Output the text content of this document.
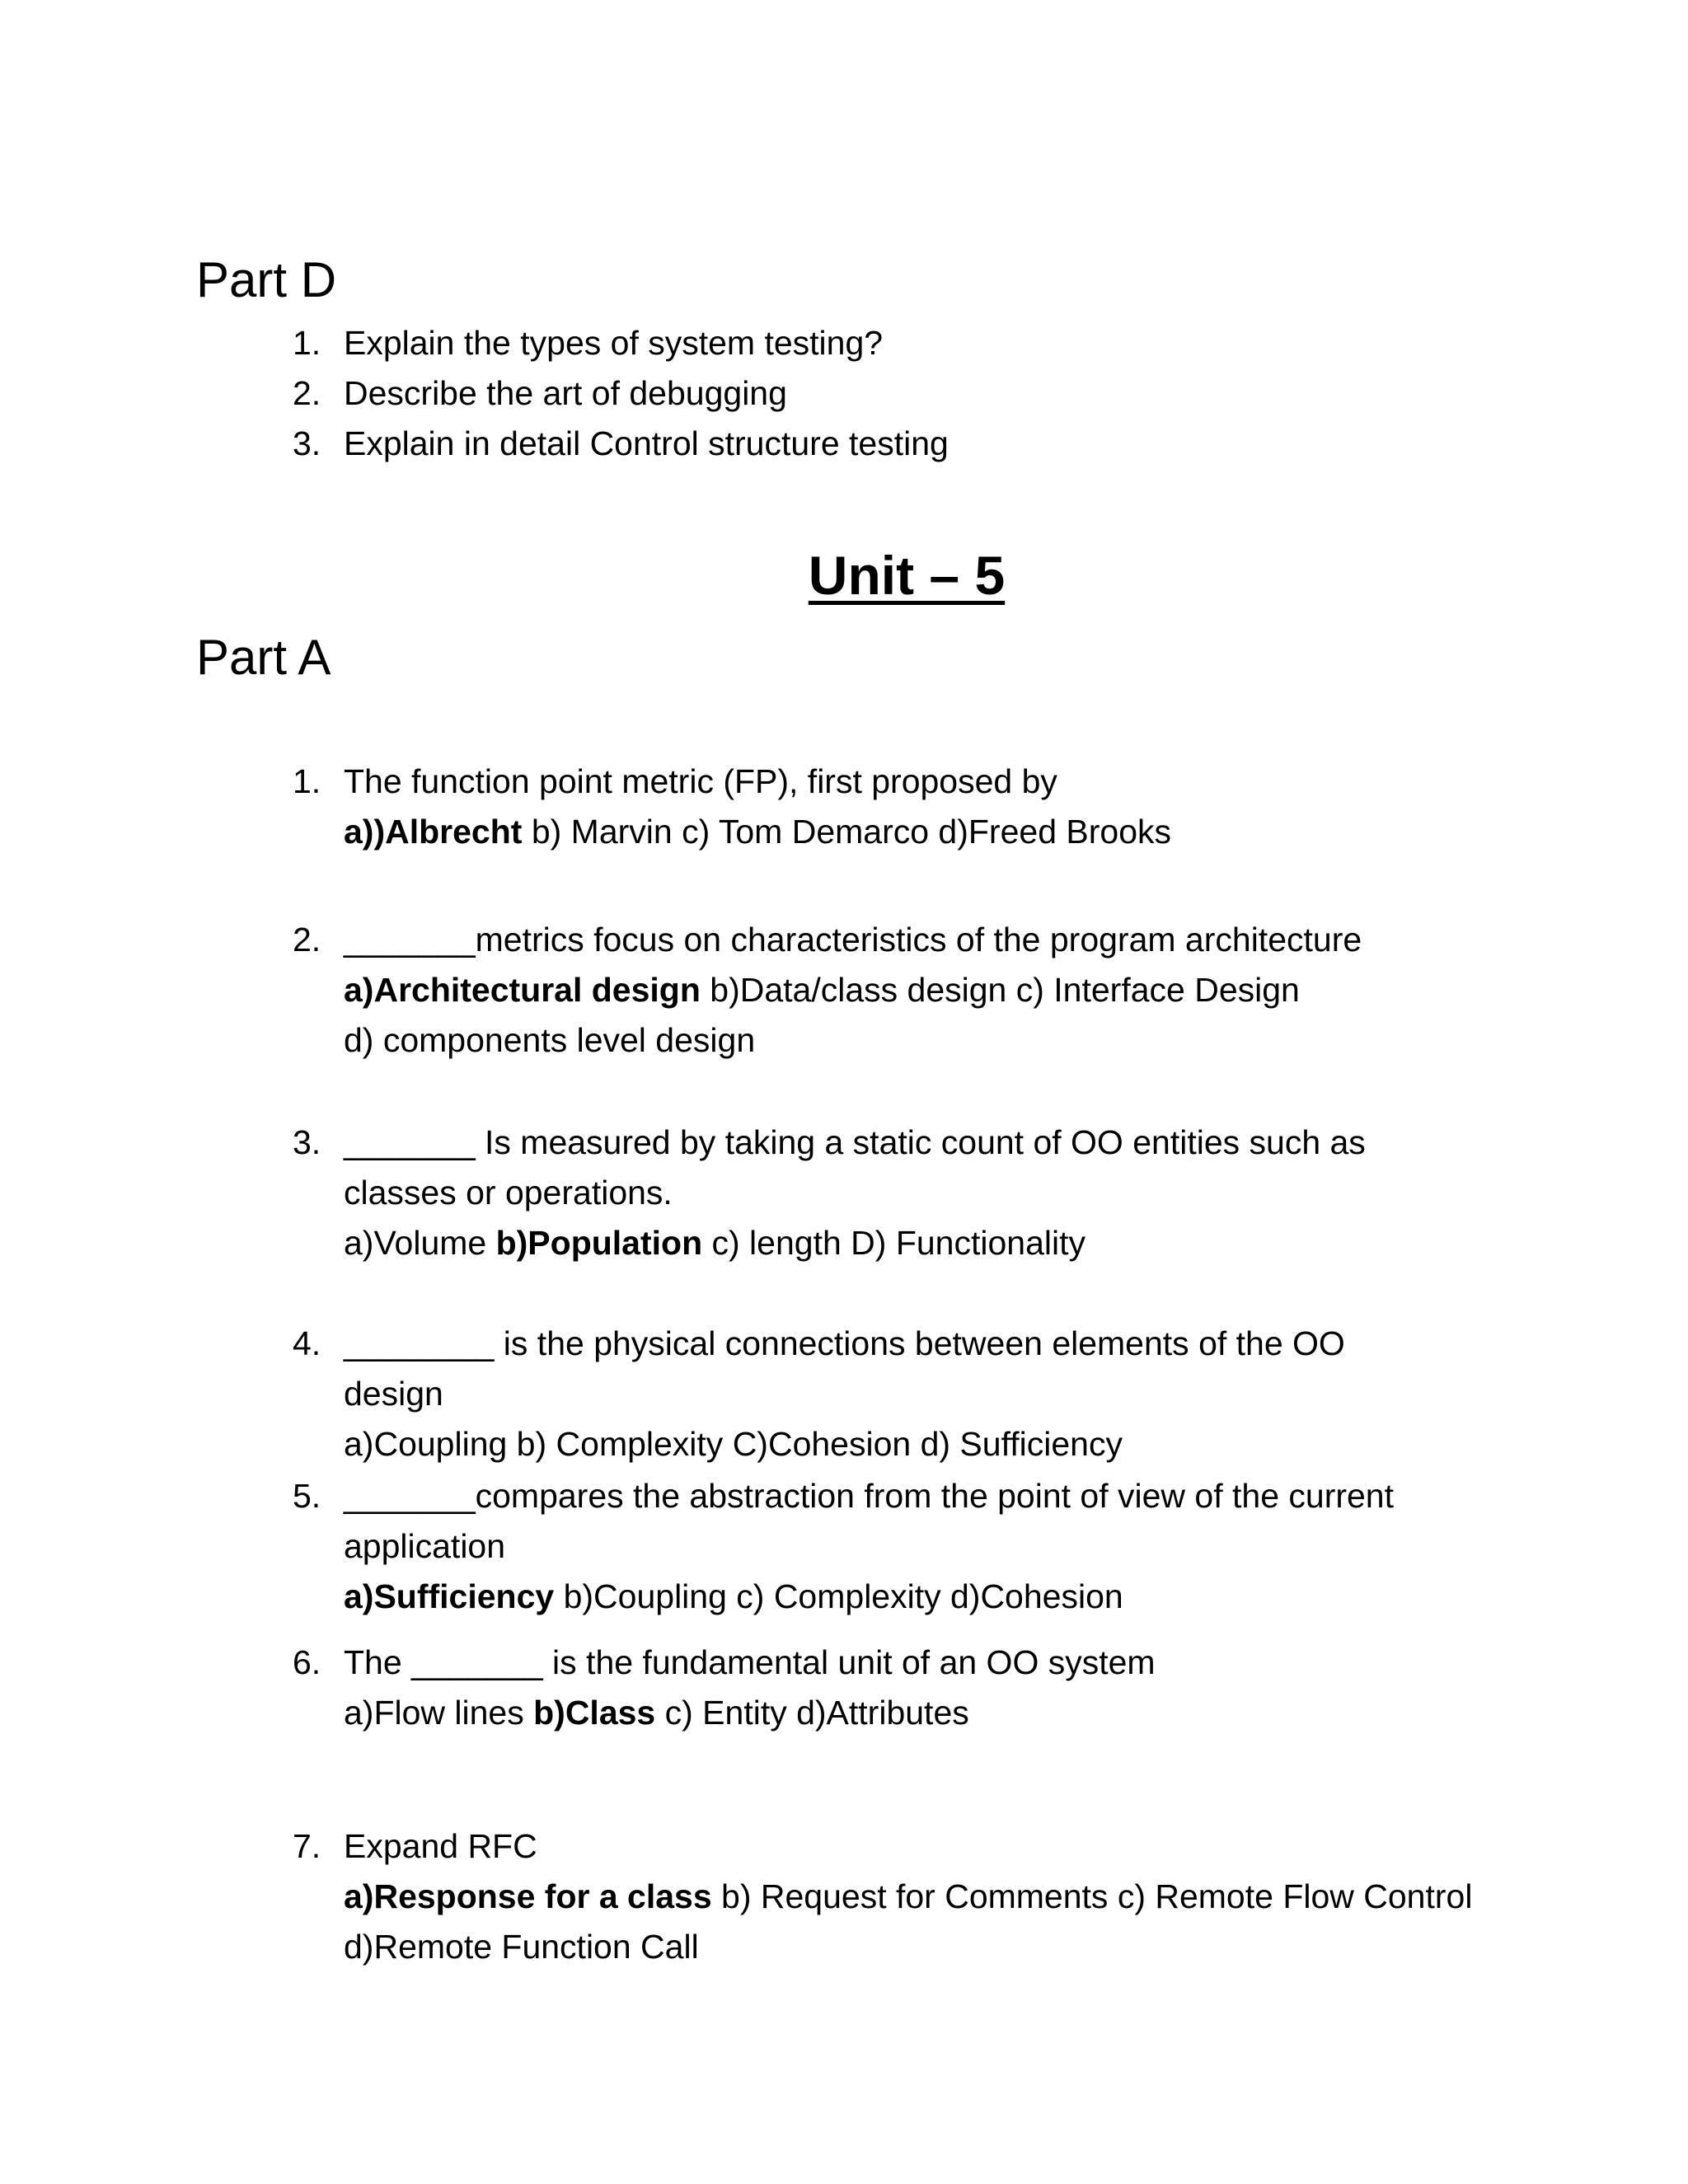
Part D
1. Explain the types of system testing?
2. Describe the art of debugging
3. Explain in detail Control structure testing
Unit – 5
Part A
1. The function point metric (FP), first proposed by
a))Albrecht b) Marvin c) Tom Demarco d)Freed Brooks
2. _______metrics focus on characteristics of the program architecture
a)Architectural design b)Data/class design c) Interface Design
d) components level design
3. _______ Is measured by taking a static count of OO entities such as
classes or operations.
a)Volume b)Population c) length D) Functionality
4. ________ is the physical connections between elements of the OO
design
a)Coupling b) Complexity C)Cohesion d) Sufficiency
5. _______compares the abstraction from the point of view of the current
application
a)Sufficiency b)Coupling c) Complexity d)Cohesion
6. The _______ is the fundamental unit of an OO system
a)Flow lines b)Class c) Entity d)Attributes
7. Expand RFC
a)Response for a class b) Request for Comments c) Remote Flow Control
d)Remote Function Call
